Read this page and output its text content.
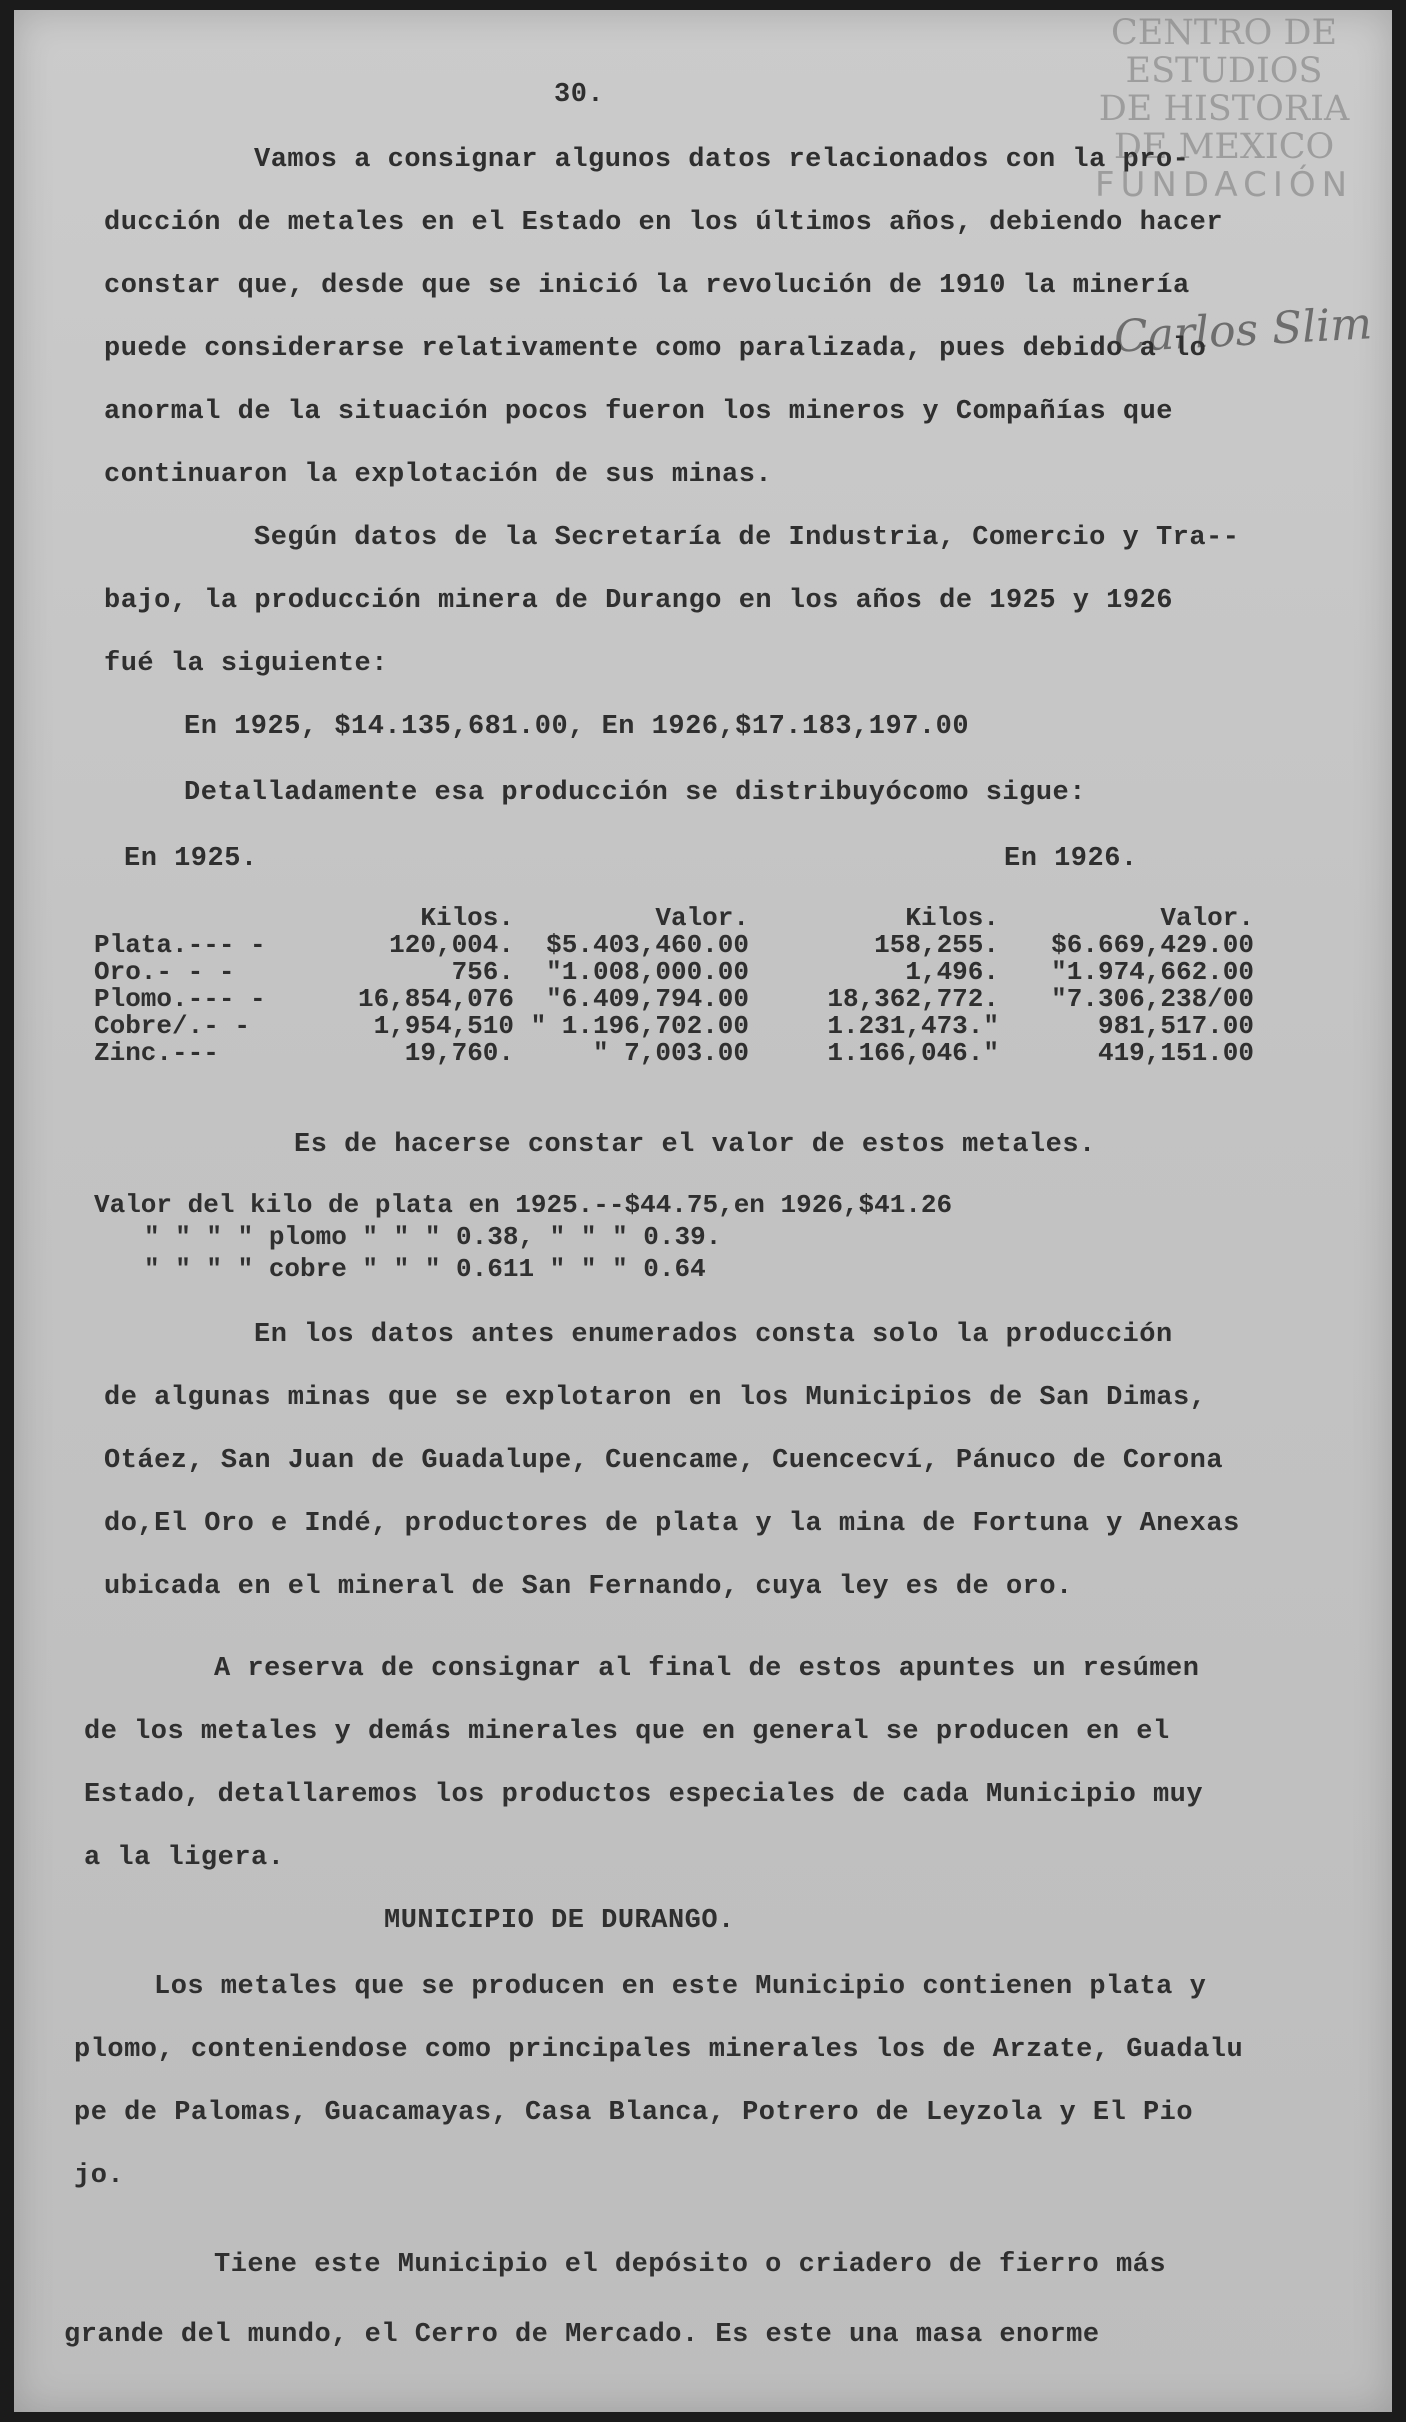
CENTRO DE
ESTUDIOS
DE HISTORIA
DE MEXICO
FUNDACIÓN
Carlos Slim
30.
Vamos a consignar algunos datos relacionados con la pro-
ducción de metales en el Estado en los últimos años, debiendo hacer
constar que, desde que se inició la revolución de 1910 la minería
puede considerarse relativamente como paralizada, pues debido a lo
anormal de la situación pocos fueron los mineros y Compañías que
continuaron la explotación de sus minas.
Según datos de la Secretaría de Industria, Comercio y Tra--
bajo, la producción minera de Durango en los años de 1925 y 1926
fué la siguiente:
En 1925, $14.135,681.00, En 1926,$17.183,197.00
Detalladamente esa producción se distribuyócomo sigue:
En 1925.	En 1926.
Kilos.	Valor.	Kilos.	Valor.
Plata.--- -	120,004. $5.403,460.00	158,255. $6.669,429.00
Oro.- - -	756. "1.008,000.00	1,496. "1.974,662.00
Plomo.--- -	16,854,076 "6.409,794.00	18,362,772. "7.306,238/00
Cobre/.- -	1,954,510 " 1.196,702.00	1.231,473."	981,517.00
Zinc.---	19,760.	" 7,003.00	1.166,046."	419,151.00
Es de hacerse constar el valor de estos metales.
Valor del kilo de plata en 1925.--$44.75,en 1926,$41.26
" " " " plomo " " " 0.38, " " " 0.39.
" " " " cobre " " " 0.611 " " " 0.64
En los datos antes enumerados consta solo la producción
de algunas minas que se explotaron en los Municipios de San Dimas,
Otáez, San Juan de Guadalupe, Cuencame, Cuencecví, Pánuco de Corona
do,El Oro e Indé, productores de plata y la mina de Fortuna y Anexas
ubicada en el mineral de San Fernando, cuya ley es de oro.
A reserva de consignar al final de estos apuntes un resúmen
de los metales y demás minerales que en general se producen en el
Estado, detallaremos los productos especiales de cada Municipio muy
a la ligera.
MUNICIPIO DE DURANGO.
Los metales que se producen en este Municipio contienen plata y
plomo, conteniendose como principales minerales los de Arzate, Guadalu
pe de Palomas, Guacamayas, Casa Blanca, Potrero de Leyzola y El Pio
jo.
Tiene este Municipio el depósito o criadero de fierro más
grande del mundo, el Cerro de Mercado. Es este una masa enorme
